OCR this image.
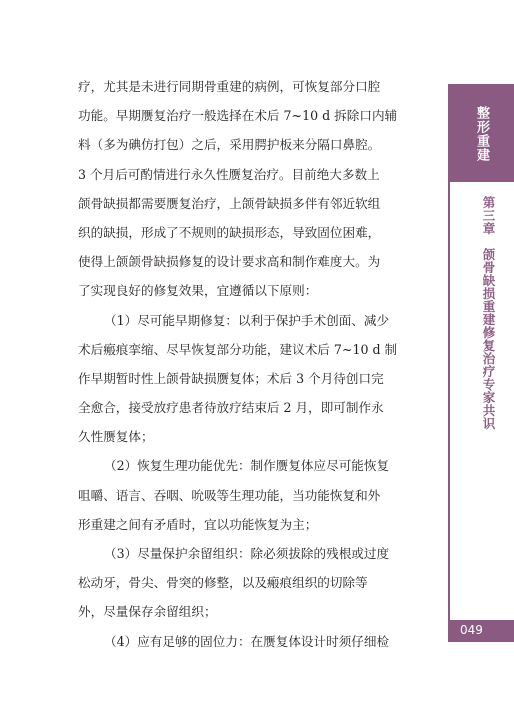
疗，尤其是未进行同期骨重建的病例，可恢复部分口腔
功能。早期赝复治疗一般选择在术后 7~10 d 拆除口内辅
料（多为碘仿打包）之后，采用腭护板来分隔口鼻腔。
3 个月后可酌情进行永久性赝复治疗。目前绝大多数上
颌骨缺损都需要赝复治疗，上颌骨缺损多伴有邻近软组
织的缺损，形成了不规则的缺损形态，导致固位困难，
使得上颌颌骨缺损修复的设计要求高和制作难度大。为
了实现良好的修复效果，宜遵循以下原则：
（1）尽可能早期修复：以利于保护手术创面、减少
术后瘢痕挛缩、尽早恢复部分功能，建议术后 7~10 d 制
作早期暂时性上颌骨缺损赝复体；术后 3 个月待创口完
全愈合，接受放疗患者待放疗结束后 2 月，即可制作永
久性赝复体；
（2）恢复生理功能优先：制作赝复体应尽可能恢复
咀嚼、语言、吞咽、吮吸等生理功能，当功能恢复和外
形重建之间有矛盾时，宜以功能恢复为主；
（3）尽量保护余留组织：除必须拔除的残根或过度
松动牙，骨尖、骨突的修整，以及瘢痕组织的切除等
外，尽量保存余留组织；
（4）应有足够的固位力：在赝复体设计时须仔细检
整形重建
第三章　颌骨缺损重建修复治疗专家共识
049
